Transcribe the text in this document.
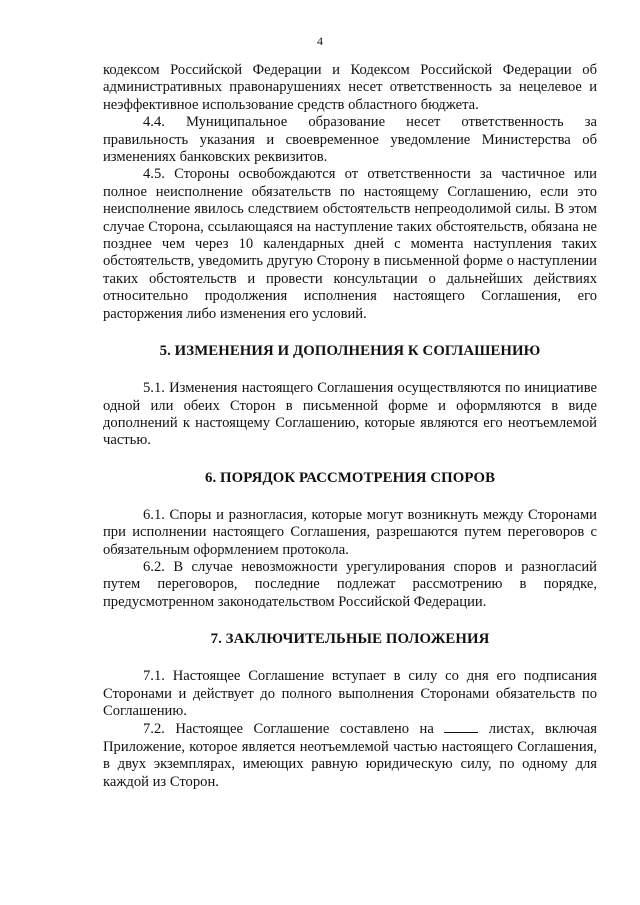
4

кодексом Российской Федерации и Кодексом Российской Федерации об административных правонарушениях несет ответственность за нецелевое и неэффективное использование средств областного бюджета.

4.4. Муниципальное образование несет ответственность за правильность указания и своевременное уведомление Министерства об изменениях банковских реквизитов.

4.5. Стороны освобождаются от ответственности за частичное или полное неисполнение обязательств по настоящему Соглашению, если это неисполнение явилось следствием обстоятельств непреодолимой силы. В этом случае Сторона, ссылающаяся на наступление таких обстоятельств, обязана не позднее чем через 10 календарных дней с момента наступления таких обстоятельств, уведомить другую Сторону в письменной форме о наступлении таких обстоятельств и провести консультации о дальнейших действиях относительно продолжения исполнения настоящего Соглашения, его расторжения либо изменения его условий.

5. ИЗМЕНЕНИЯ И ДОПОЛНЕНИЯ К СОГЛАШЕНИЮ

5.1. Изменения настоящего Соглашения осуществляются по инициативе одной или обеих Сторон в письменной форме и оформляются в виде дополнений к настоящему Соглашению, которые являются его неотъемлемой частью.

6. ПОРЯДОК РАССМОТРЕНИЯ СПОРОВ

6.1. Споры и разногласия, которые могут возникнуть между Сторонами при исполнении настоящего Соглашения, разрешаются путем переговоров с обязательным оформлением протокола.

6.2. В случае невозможности урегулирования споров и разногласий путем переговоров, последние подлежат рассмотрению в порядке, предусмотренном законодательством Российской Федерации.

7. ЗАКЛЮЧИТЕЛЬНЫЕ ПОЛОЖЕНИЯ

7.1. Настоящее Соглашение вступает в силу со дня его подписания Сторонами и действует до полного выполнения Сторонами обязательств по Соглашению.

7.2. Настоящее Соглашение составлено на  листах, включая Приложение, которое является неотъемлемой частью настоящего Соглашения, в двух экземплярах, имеющих равную юридическую силу, по одному для каждой из Сторон.
